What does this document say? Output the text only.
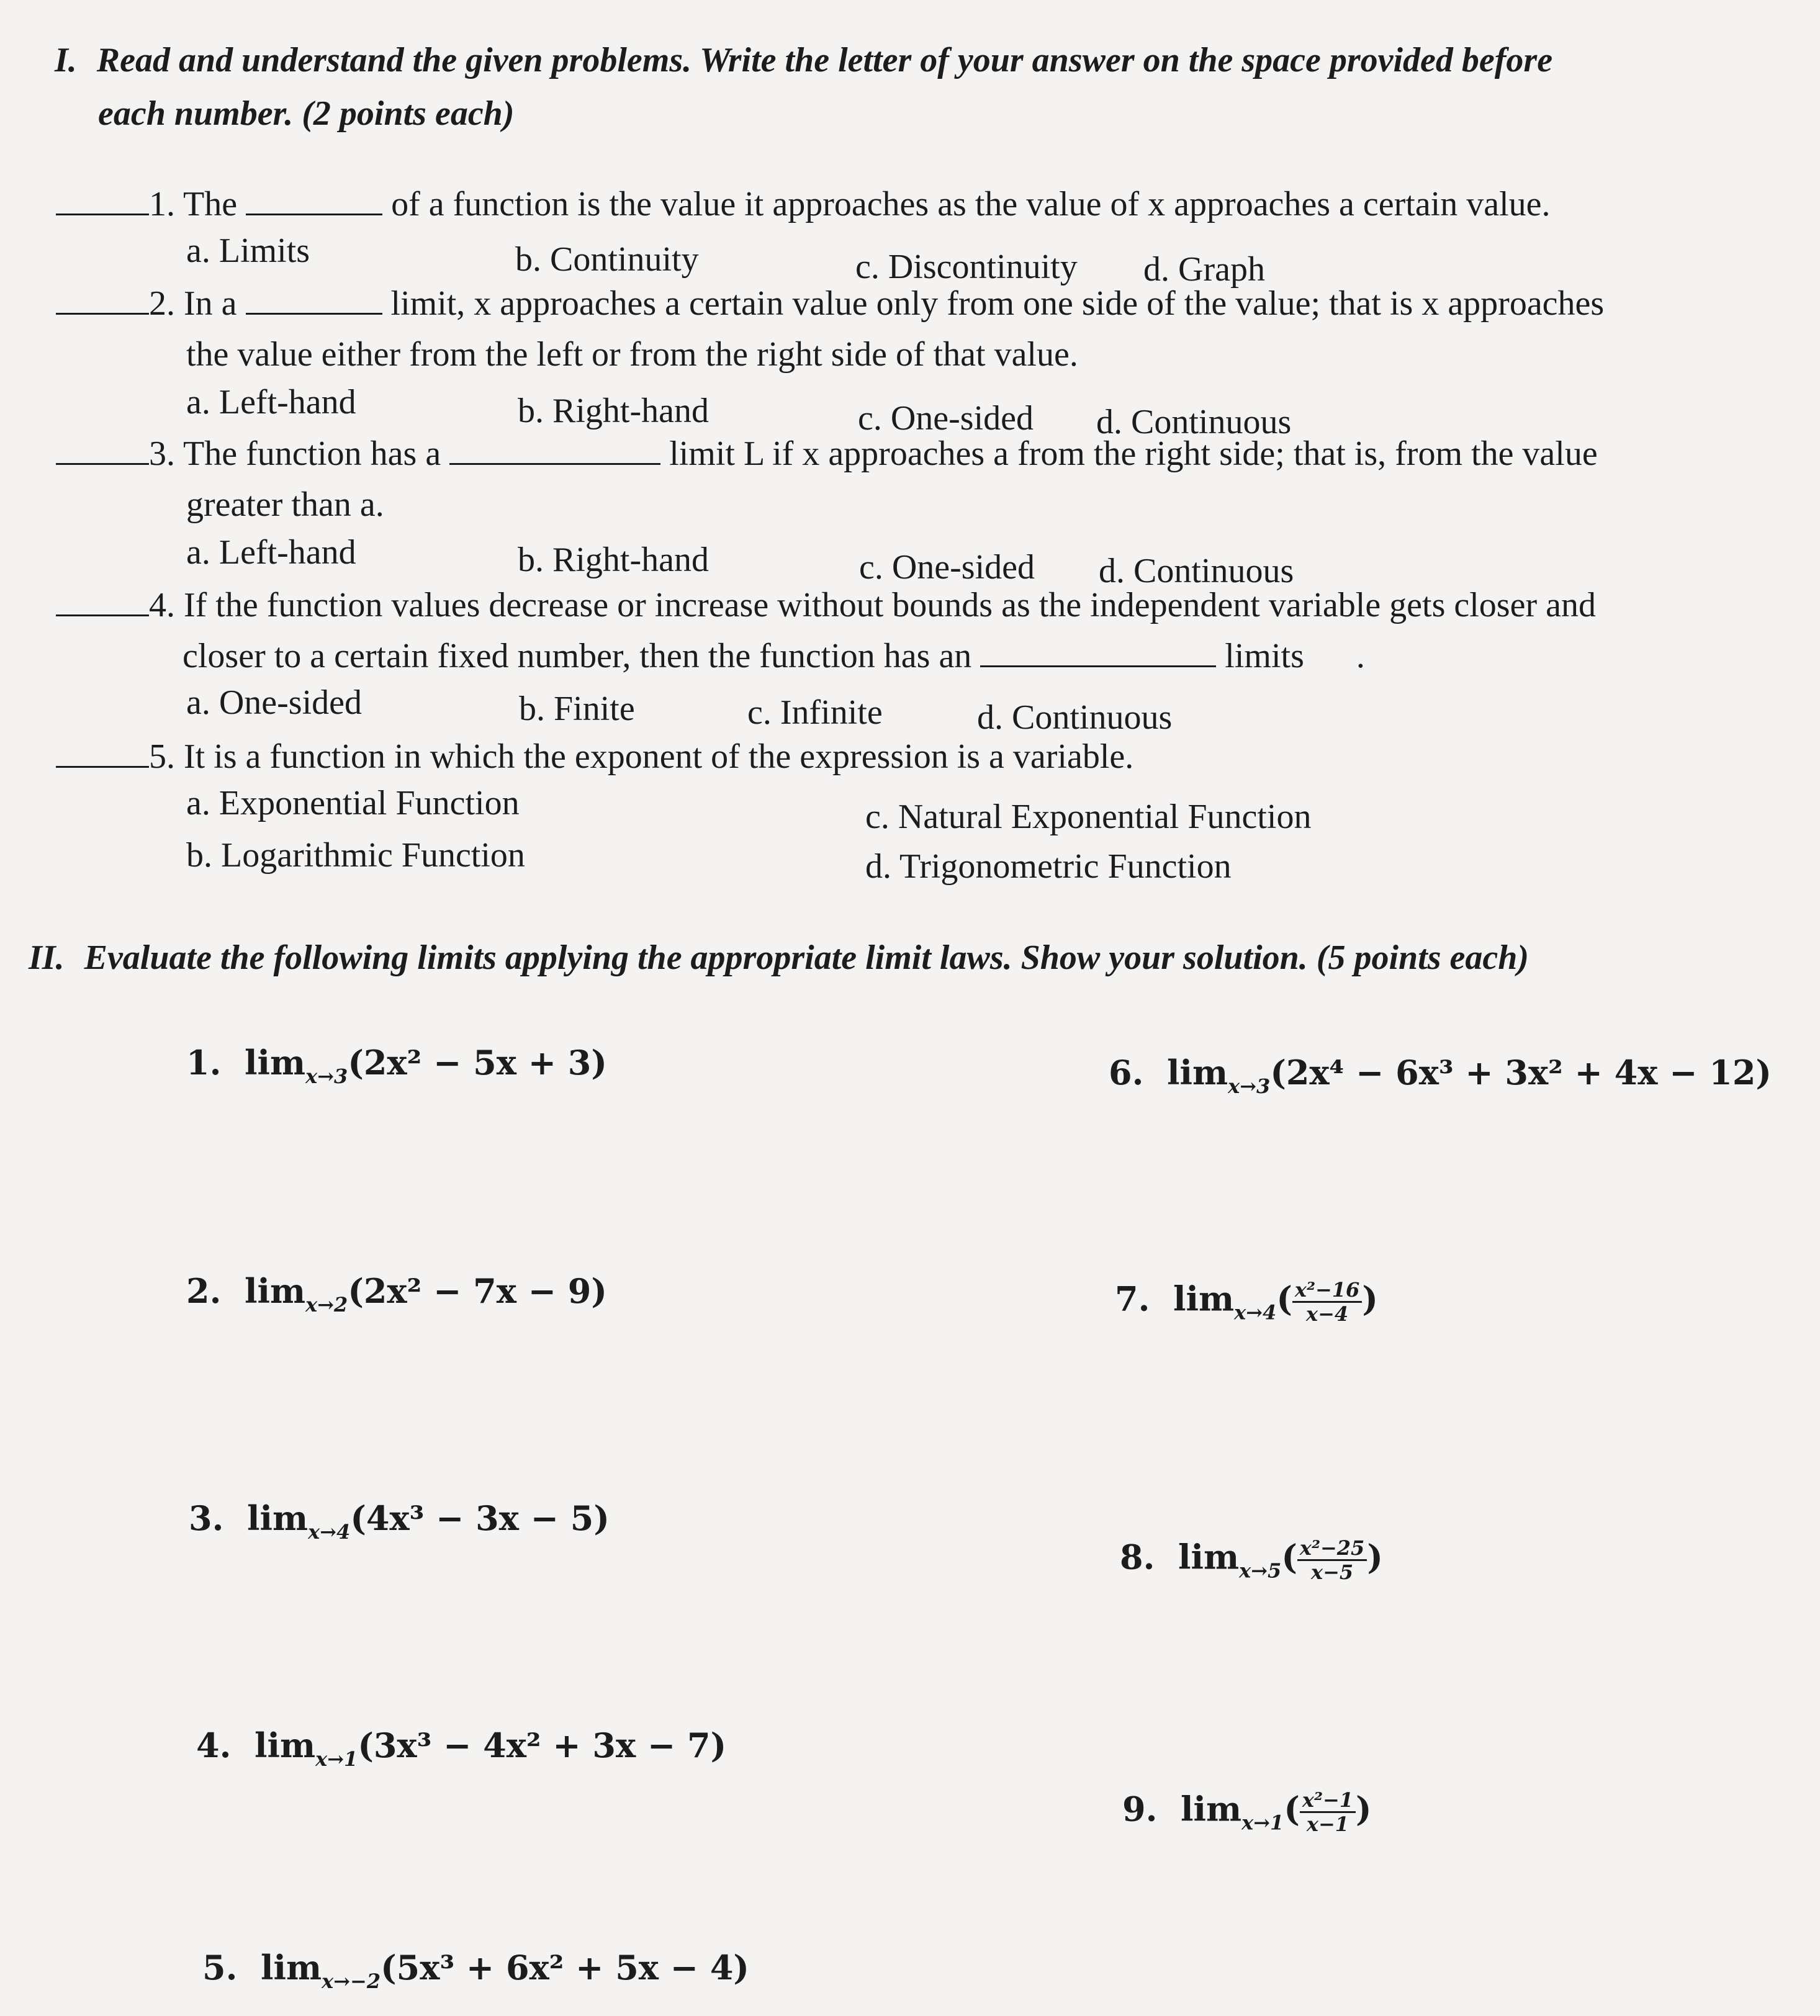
I. Read and understand the given problems. Write the letter of your answer on the space provided before
each number. (2 points each)
1. The	of a function is the value it approaches as the value of x approaches a certain value.
a. Limits	b. Continuity	c. Discontinuity d. Graph
2. In a	limit, x approaches a certain value only from one side of the value; that is x approaches
the value either from the left or from the right side of that value.
a. Left-hand	b. Right-hand	c. One-sided d. Continuous
3. The function has a	limit L if x approaches a from the right side; that is, from the value
greater than a.
a. Left-hand	b. Right-hand	c. One-sided d. Continuous
4. If the function values decrease or increase without bounds as the independent variable gets closer and
closer to a certain fixed number, then the function has an	limits .
a. One-sided	b. Finite	c. Infinite	d. Continuous
5. It is a function in which the exponent of the expression is a variable.
a. Exponential Function
b. Logarithmic Function
c. Natural Exponential Function
d. Trigonometric Function
II. Evaluate the following limits applying the appropriate limit laws. Show your solution. (5 points each)
1. $\lim_{x\to 3}(2x^2 - 5x + 3)$
2. $\lim_{x\to 2}(2x^2 - 7x - 9)$
3. $\lim_{x\to 4}(4x^3 - 3x - 5)$
4. $\lim_{x\to 1}(3x^3 - 4x^2 + 3x - 7)$
5. $\lim_{x\to-2}(5x^3 + 6x^2 + 5x - 4)$
6. $\lim_{x\to 3}(2x^4 - 6x^3 + 3x^2 + 4x - 12)$
7. $\lim_{x\to 4}( \frac{\text{x²−16}}{x-4}$ )
8. $\lim_{x\to 5}( \frac{\text{x²−25}}{x-5}$ )
9. $\lim_{x\to 1}( \frac{\text{x²−1}}{x-1}$ )
